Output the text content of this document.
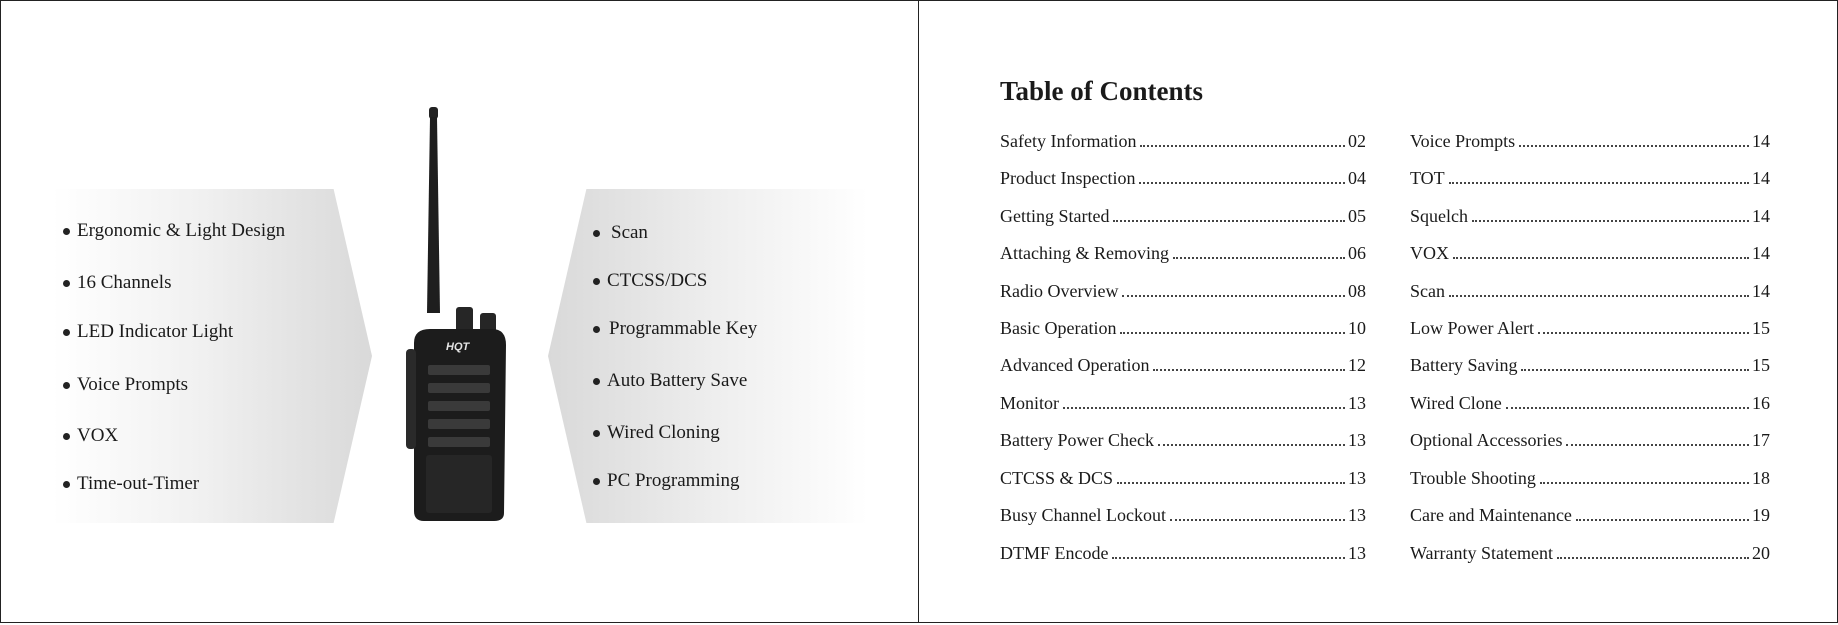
Ergonomic & Light Design
16 Channels
LED Indicator Light
Voice Prompts
VOX
Time-out-Timer
Scan
CTCSS/DCS
Programmable Key
Auto Battery Save
Wired Cloning
PC Programming
HQT
Table of Contents
Safety Information	02
Product Inspection	04
Getting Started	05
Attaching & Removing	06
Radio Overview	08
Basic Operation	10
Advanced Operation	12
Monitor	13
Battery Power Check	13
CTCSS & DCS	13
Busy Channel Lockout	13
DTMF Encode	13
Voice Prompts	14
TOT	14
Squelch	14
VOX	14
Scan	14
Low Power Alert	15
Battery Saving	15
Wired Clone	16
Optional Accessories	17
Trouble Shooting	18
Care and Maintenance	19
Warranty Statement	20
